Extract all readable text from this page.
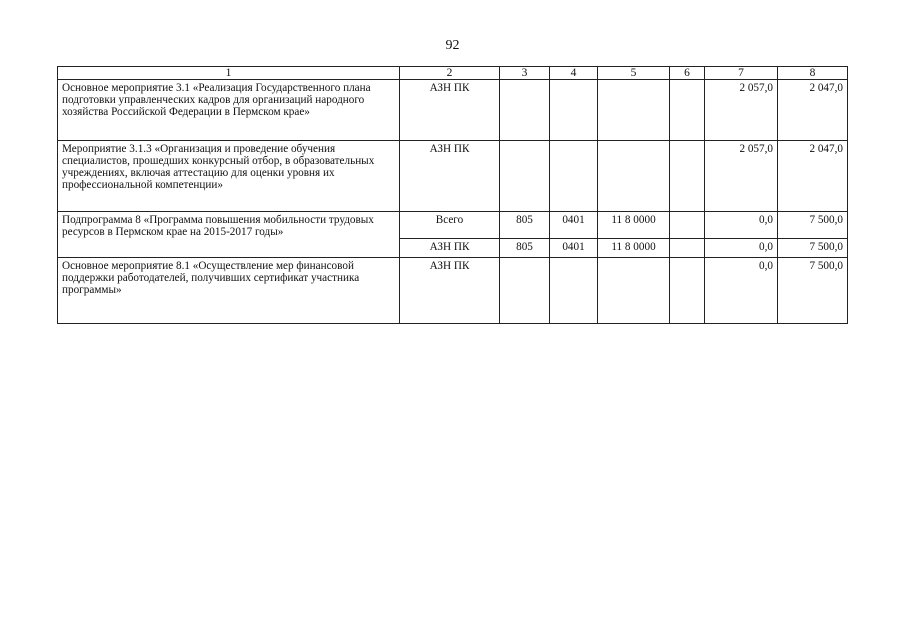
92
1	2	3	4	5	6	7	8
Основное мероприятие 3.1 «Реализация Государственного плана подготовки управленческих кадров для организаций народного хозяйства Российской Федерации в Пермском крае»	АЗН ПК					2 057,0	2 047,0
Мероприятие 3.1.3 «Организация и проведение обучения специалистов, прошедших конкурсный отбор, в образовательных учреждениях, включая аттестацию для оценки уровня их профессиональной компетенции»	АЗН ПК					2 057,0	2 047,0
Подпрограмма 8 «Программа повышения мобильности трудовых ресурсов в Пермском крае на 2015-2017 годы»	Всего	805	0401	11 8 0000		0,0	7 500,0
	АЗН ПК	805	0401	11 8 0000		0,0	7 500,0
Основное мероприятие 8.1 «Осуществление мер финансовой поддержки работодателей, получивших сертификат участника программы»	АЗН ПК					0,0	7 500,0
